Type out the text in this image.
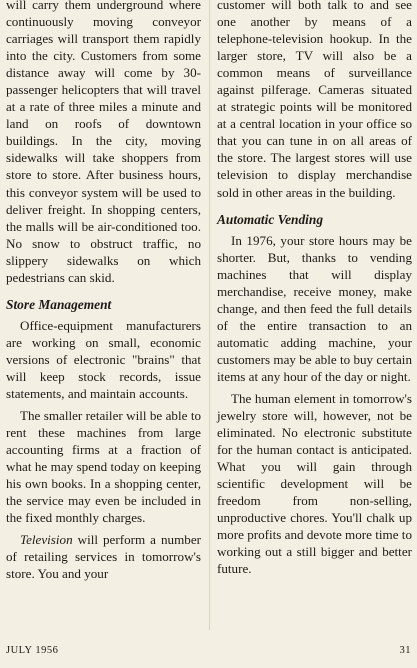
will carry them underground where continuously moving conveyor carriages will transport them rapidly into the city. Customers from some distance away will come by 30-passenger helicopters that will travel at a rate of three miles a minute and land on roofs of downtown buildings. In the city, moving sidewalks will take shoppers from store to store. After business hours, this conveyor system will be used to deliver freight. In shopping centers, the malls will be air-conditioned too. No snow to obstruct traffic, no slippery sidewalks on which pedestrians can skid.

Store Management

Office-equipment manufacturers are working on small, economic versions of electronic "brains" that will keep stock records, issue statements, and maintain accounts.

The smaller retailer will be able to rent these machines from large accounting firms at a fraction of what he may spend today on keeping his own books. In a shopping center, the service may even be included in the fixed monthly charges.

Television will perform a number of retailing services in tomorrow's store. You and your

customer will both talk to and see one another by means of a telephone-television hookup. In the larger store, TV will also be a common means of surveillance against pilferage. Cameras situated at strategic points will be monitored at a central location in your office so that you can tune in on all areas of the store. The largest stores will use television to display merchandise sold in other areas in the building.

Automatic Vending

In 1976, your store hours may be shorter. But, thanks to vending machines that will display merchandise, receive money, make change, and then feed the full details of the entire transaction to an automatic adding machine, your customers may be able to buy certain items at any hour of the day or night.

The human element in tomorrow's jewelry store will, however, not be eliminated. No electronic substitute for the human contact is anticipated. What you will gain through scientific development will be freedom from non-selling, unproductive chores. You'll chalk up more profits and devote more time to working out a still bigger and better future.

JULY 1956	31
